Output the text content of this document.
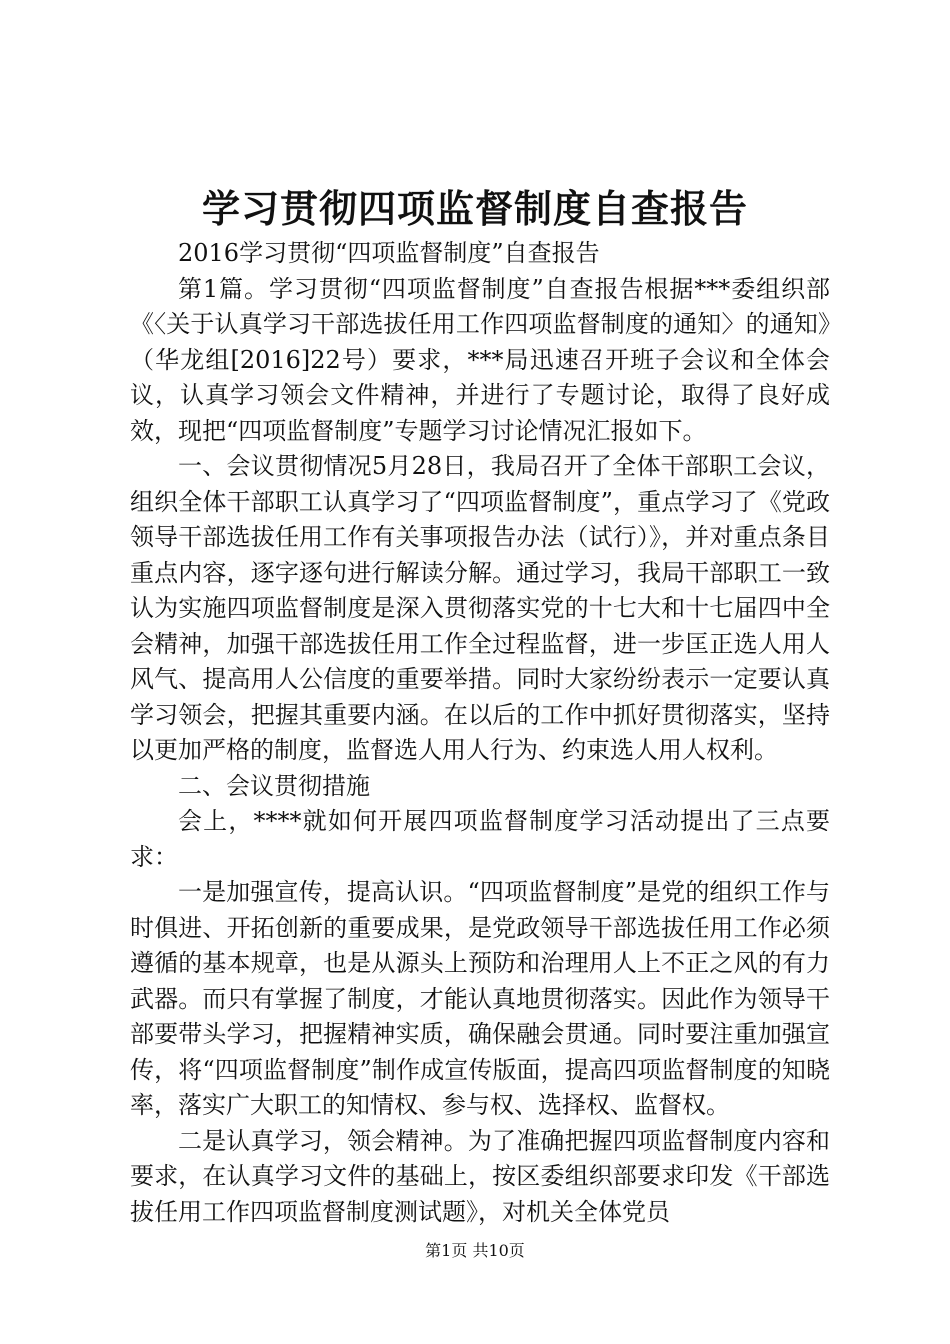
学习贯彻四项监督制度自查报告

2016学习贯彻“四项监督制度”自查报告

第1篇。学习贯彻“四项监督制度”自查报告根据***委组织部《〈关于认真学习干部选拔任用工作四项监督制度的通知〉的通知》（华龙组[2016]22号）要求，***局迅速召开班子会议和全体会议，认真学习领会文件精神，并进行了专题讨论，取得了良好成效，现把“四项监督制度”专题学习讨论情况汇报如下。

一、会议贯彻情况5月28日，我局召开了全体干部职工会议，组织全体干部职工认真学习了“四项监督制度”，重点学习了《党政领导干部选拔任用工作有关事项报告办法（试行）》，并对重点条目重点内容，逐字逐句进行解读分解。通过学习，我局干部职工一致认为实施四项监督制度是深入贯彻落实党的十七大和十七届四中全会精神，加强干部选拔任用工作全过程监督，进一步匡正选人用人风气、提高用人公信度的重要举措。同时大家纷纷表示一定要认真学习领会，把握其重要内涵。在以后的工作中抓好贯彻落实，坚持以更加严格的制度，监督选人用人行为、约束选人用人权利。

二、会议贯彻措施

会上，****就如何开展四项监督制度学习活动提出了三点要求：

一是加强宣传，提高认识。“四项监督制度”是党的组织工作与时俱进、开拓创新的重要成果，是党政领导干部选拔任用工作必须遵循的基本规章，也是从源头上预防和治理用人上不正之风的有力武器。而只有掌握了制度，才能认真地贯彻落实。因此作为领导干部要带头学习，把握精神实质，确保融会贯通。同时要注重加强宣传，将“四项监督制度”制作成宣传版面，提高四项监督制度的知晓率，落实广大职工的知情权、参与权、选择权、监督权。

二是认真学习，领会精神。为了准确把握四项监督制度内容和要求，在认真学习文件的基础上，按区委组织部要求印发《干部选拔任用工作四项监督制度测试题》，对机关全体党员

第1页 共10页
